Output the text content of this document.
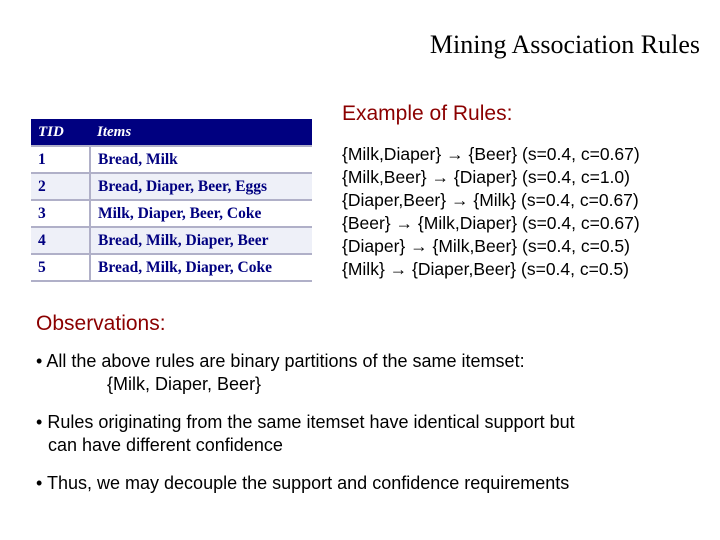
Mining Association Rules
TID	Items
1	Bread, Milk
2	Bread, Diaper, Beer, Eggs
3	Milk, Diaper, Beer, Coke
4	Bread, Milk, Diaper, Beer
5	Bread, Milk, Diaper, Coke
Example of Rules:
{Milk,Diaper} → {Beer} (s=0.4, c=0.67)
{Milk,Beer} → {Diaper} (s=0.4, c=1.0)
{Diaper,Beer} → {Milk} (s=0.4, c=0.67)
{Beer} → {Milk,Diaper} (s=0.4, c=0.67)
{Diaper} → {Milk,Beer} (s=0.4, c=0.5)
{Milk} → {Diaper,Beer} (s=0.4, c=0.5)
Observations:
• All the above rules are binary partitions of the same itemset:
{Milk, Diaper, Beer}
• Rules originating from the same itemset have identical support but
can have different confidence
• Thus, we may decouple the support and confidence requirements
